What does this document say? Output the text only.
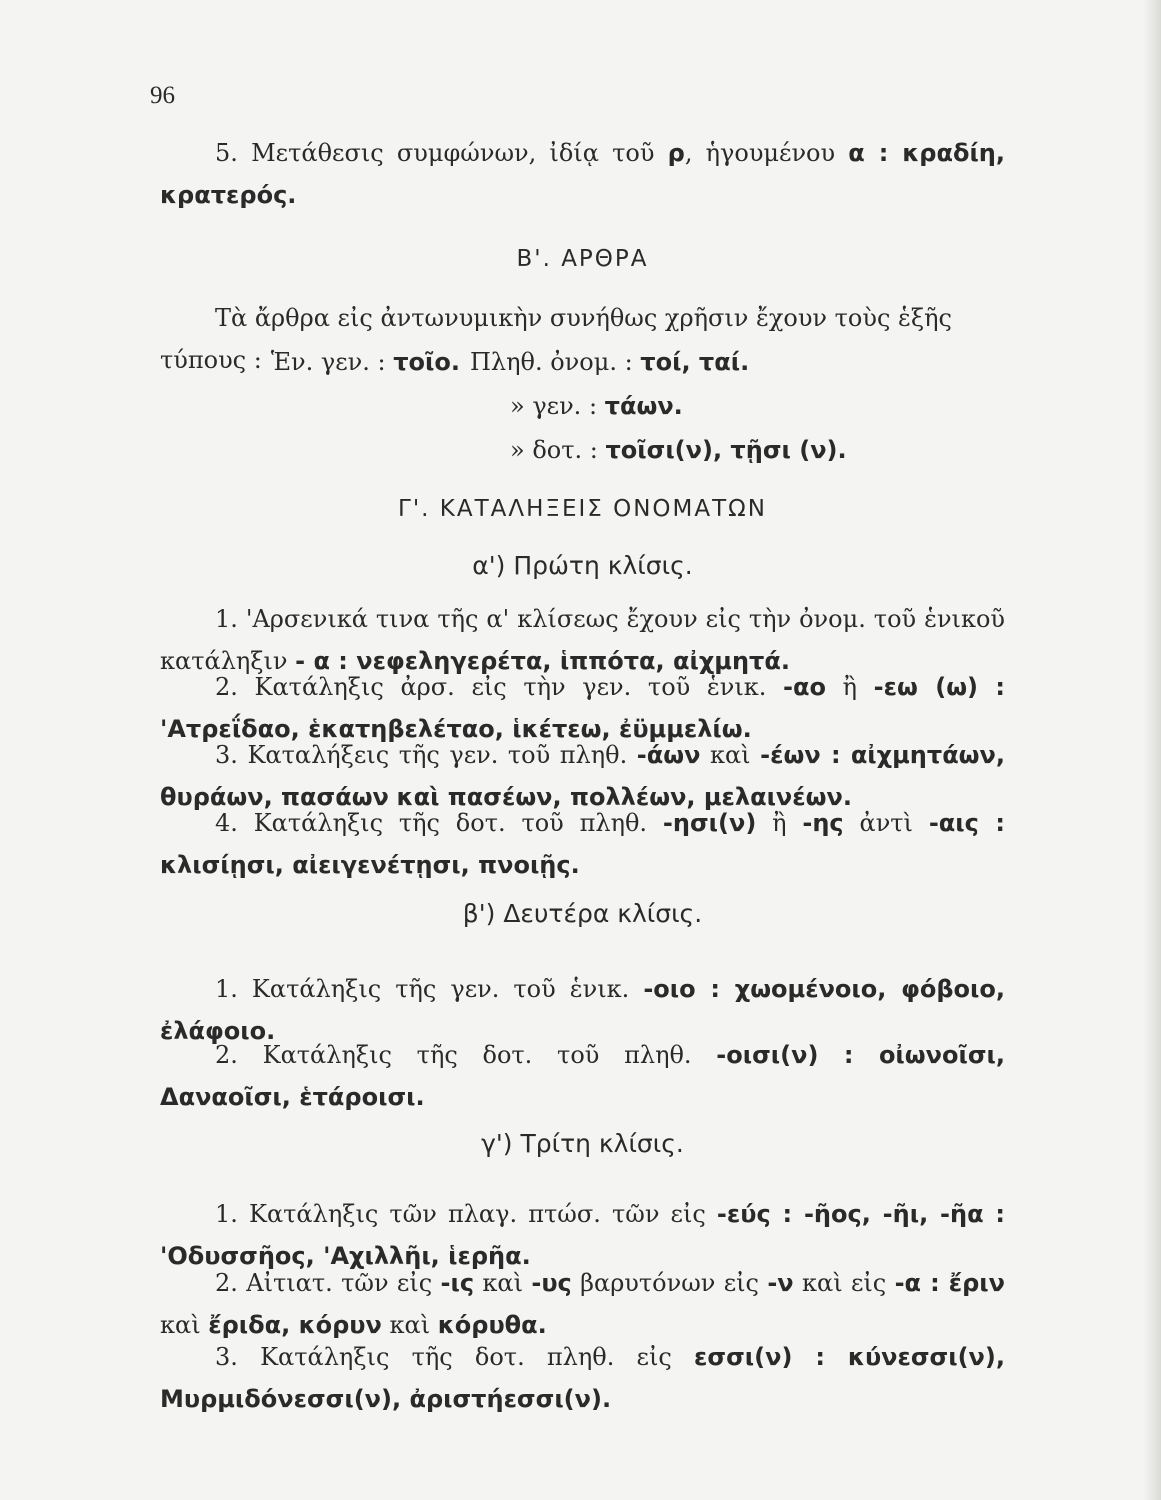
96

5. Μετάθεσις συμφώνων, ἰδίᾳ τοῦ ρ, ἡγουμένου α : κραδίη, κρατερός.

Β'. ΑΡΘΡΑ

Τὰ ἄρθρα εἰς ἀντωνυμικὴν συνήθως χρῆσιν ἔχουν τοὺς ἑξῆς τύπους : Ἑν. γεν. : τοῖο. Πληθ. ὀνομ. : τοί, ταί.
» γεν. : τάων.
» δοτ. : τοῖσι(ν), τῇσι (ν).

Γ'. ΚΑΤΑΛΗΞΕΙΣ ΟΝΟΜΑΤΩΝ

α') Πρώτη κλίσις.

1. 'Αρσενικά τινα τῆς α' κλίσεως ἔχουν εἰς τὴν ὀνομ. τοῦ ἑνικοῦ κατάληξιν - α : νεφεληγερέτα, ἱππότα, αἰχμητά.

2. Κατάληξις ἀρσ. εἰς τὴν γεν. τοῦ ἑνικ. -αο ἢ -εω (ω) : 'Ατρεΐδαο, ἑκατηβελέταο, ἱκέτεω, ἐϋμμελίω.

3. Καταλήξεις τῆς γεν. τοῦ πληθ. -άων καὶ -έων : αἰχμητάων, θυράων, πασάων καὶ πασέων, πολλέων, μελαινέων.

4. Κατάληξις τῆς δοτ. τοῦ πληθ. -ησι(ν) ἢ -ης ἀντὶ -αις : κλισίῃσι, αἰειγενέτῃσι, πνοιῇς.

β') Δευτέρα κλίσις.

1. Κατάληξις τῆς γεν. τοῦ ἑνικ. -οιο : χωομένοιο, φόβοιο, ἐλάφοιο.

2. Κατάληξις τῆς δοτ. τοῦ πληθ. -οισι(ν) : οἰωνοῖσι, Δαναοῖσι, ἑτάροισι.

γ') Τρίτη κλίσις.

1. Κατάληξις τῶν πλαγ. πτώσ. τῶν εἰς -εύς : -ῆος, -ῆι, -ῆα : 'Οδυσσῆος, 'Αχιλλῆι, ἱερῆα.

2. Αἰτιατ. τῶν εἰς -ις καὶ -υς βαρυτόνων εἰς -ν καὶ εἰς -α : ἔριν καὶ ἔριδα, κόρυν καὶ κόρυθα.

3. Κατάληξις τῆς δοτ. πληθ. εἰς εσσι(ν) : κύνεσσι(ν), Μυρμιδόνεσσι(ν), ἀριστήεσσι(ν).
